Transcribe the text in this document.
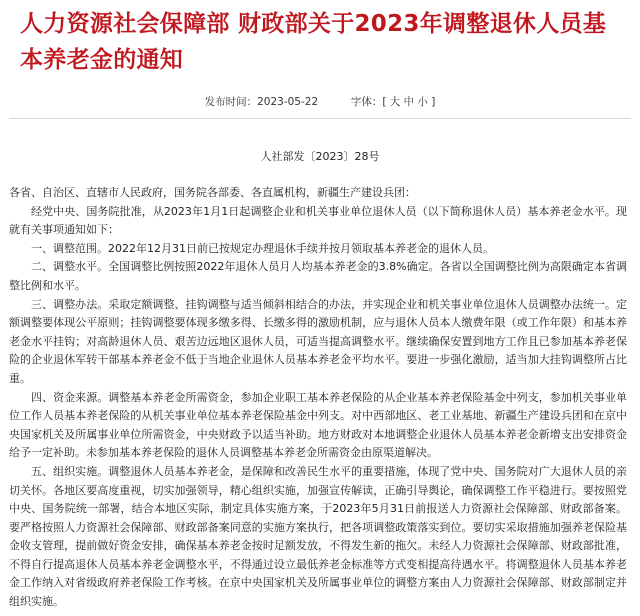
人力资源社会保障部 财政部关于2023年调整退休人员基本养老金的通知
发布时间：2023-05-22	字体：[ 大 中 小 ]
人社部发〔2023〕28号

各省、自治区、直辖市人民政府，国务院各部委、各直属机构，新疆生产建设兵团：

经党中央、国务院批准，从2023年1月1日起调整企业和机关事业单位退休人员（以下简称退休人员）基本养老金水平。现就有关事项通知如下：

一、调整范围。2022年12月31日前已按规定办理退休手续并按月领取基本养老金的退休人员。

二、调整水平。全国调整比例按照2022年退休人员月人均基本养老金的3.8%确定。各省以全国调整比例为高限确定本省调整比例和水平。

三、调整办法。采取定额调整、挂钩调整与适当倾斜相结合的办法，并实现企业和机关事业单位退休人员调整办法统一。定额调整要体现公平原则；挂钩调整要体现多缴多得、长缴多得的激励机制，应与退休人员本人缴费年限（或工作年限）和基本养老金水平挂钩；对高龄退休人员、艰苦边远地区退休人员，可适当提高调整水平。继续确保安置到地方工作且已参加基本养老保险的企业退休军转干部基本养老金不低于当地企业退休人员基本养老金平均水平。要进一步强化激励，适当加大挂钩调整所占比重。

四、资金来源。调整基本养老金所需资金，参加企业职工基本养老保险的从企业基本养老保险基金中列支，参加机关事业单位工作人员基本养老保险的从机关事业单位基本养老保险基金中列支。对中西部地区、老工业基地、新疆生产建设兵团和在京中央国家机关及所属事业单位所需资金，中央财政予以适当补助。地方财政对本地调整企业退休人员基本养老金新增支出安排资金给予一定补助。未参加基本养老保险的退休人员调整基本养老金所需资金由原渠道解决。

五、组织实施。调整退休人员基本养老金，是保障和改善民生水平的重要措施，体现了党中央、国务院对广大退休人员的亲切关怀。各地区要高度重视，切实加强领导，精心组织实施，加强宣传解读，正确引导舆论，确保调整工作平稳进行。要按照党中央、国务院统一部署，结合本地区实际，制定具体实施方案，于2023年5月31日前报送人力资源社会保障部、财政部备案。要严格按照人力资源社会保障部、财政部备案同意的实施方案执行，把各项调整政策落实到位。要切实采取措施加强养老保险基金收支管理，提前做好资金安排，确保基本养老金按时足额发放，不得发生新的拖欠。未经人力资源社会保障部、财政部批准，不得自行提高退休人员基本养老金调整水平，不得通过设立最低养老金标准等方式变相提高待遇水平。将调整退休人员基本养老金工作纳入对省级政府养老保险工作考核。在京中央国家机关及所属事业单位的调整方案由人力资源社会保障部、财政部制定并组织实施。
